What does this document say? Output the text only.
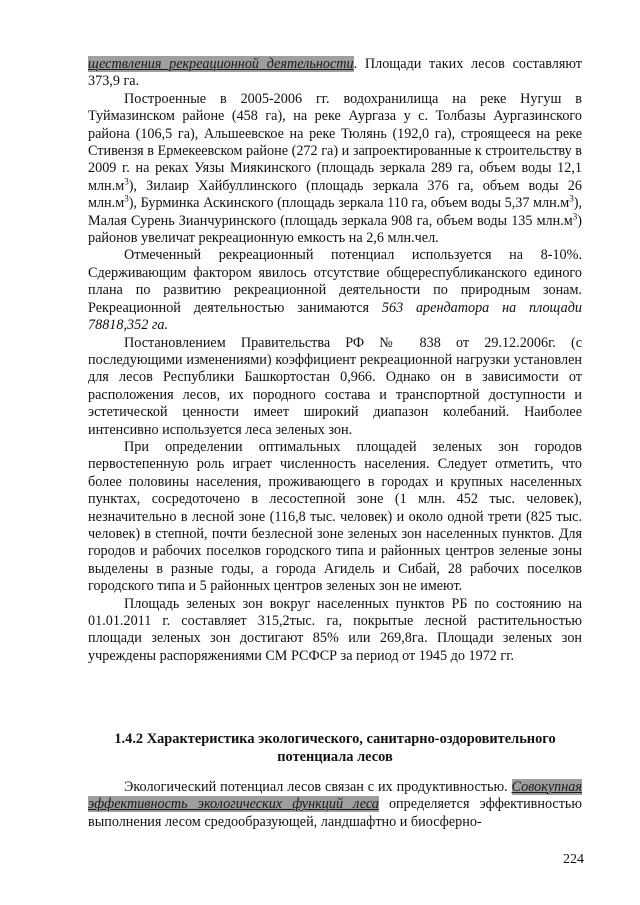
ществления рекреационной деятельности. Площади таких лесов составляют 373,9 га.

Построенные в 2005-2006 гг. водохранилища на реке Нугуш в Туймазинском районе (458 га), на реке Аургаза у с. Толбазы Аургазинского района (106,5 га), Альшеевское на реке Тюлянь (192,0 га), строящееся на реке Стивензя в Ермекеевском районе (272 га) и запроектированные к строительству в 2009 г. на реках Уязы Миякинского (площадь зеркала 289 га, объем воды 12,1 $млн.м^3$), Зилаир Хайбуллинского (площадь зеркала 376 га, объем воды 26 $млн.м^3$), Бурминка Аскинского (площадь зеркала 110 га, объем воды 5,37 $млн.м^3$), Малая Сурень Зианчуринского (площадь зеркала 908 га, объем воды 135 $млн.м^3$) районов увеличат рекреационную емкость на 2,6 млн.чел.

Отмеченный рекреационный потенциал используется на 8-10%. Сдерживающим фактором явилось отсутствие общереспубликанского единого плана по развитию рекреационной деятельности по природным зонам. Рекреационной деятельностью занимаются 563 арендатора на площади 78818,352 га.

Постановлением Правительства РФ № 838 от 29.12.2006г. (с последующими изменениями) коэффициент рекреационной нагрузки установлен для лесов Республики Башкортостан 0,966. Однако он в зависимости от расположения лесов, их породного состава и транспортной доступности и эстетической ценности имеет широкий диапазон колебаний. Наиболее интенсивно используется леса зеленых зон.

При определении оптимальных площадей зеленых зон городов первостепенную роль играет численность населения. Следует отметить, что более половины населения, проживающего в городах и крупных населенных пунктах, сосредоточено в лесостепной зоне (1 млн. 452 тыс. человек), незначительно в лесной зоне (116,8 тыс. человек) и около одной трети (825 тыс. человек) в степной, почти безлесной зоне зеленых зон населенных пунктов. Для городов и рабочих поселков городского типа и районных центров зеленые зоны выделены в разные годы, а города Агидель и Сибай, 28 рабочих поселков городского типа и 5 районных центров зеленых зон не имеют.

Площадь зеленых зон вокруг населенных пунктов РБ по состоянию на 01.01.2011 г. составляет 315,2тыс. га, покрытые лесной растительностью площади зеленых зон достигают 85% или 269,8га. Площади зеленых зон учреждены распоряжениями СМ РСФСР за период от 1945 до 1972 гг.

1.4.2 Характеристика экологического, санитарно-оздоровительного
потенциала лесов

Экологический потенциал лесов связан с их продуктивностью. Совокупная эффективность экологических функций леса определяется эффективностью выполнения лесом средообразующей, ландшафтно и биосферно-

224
